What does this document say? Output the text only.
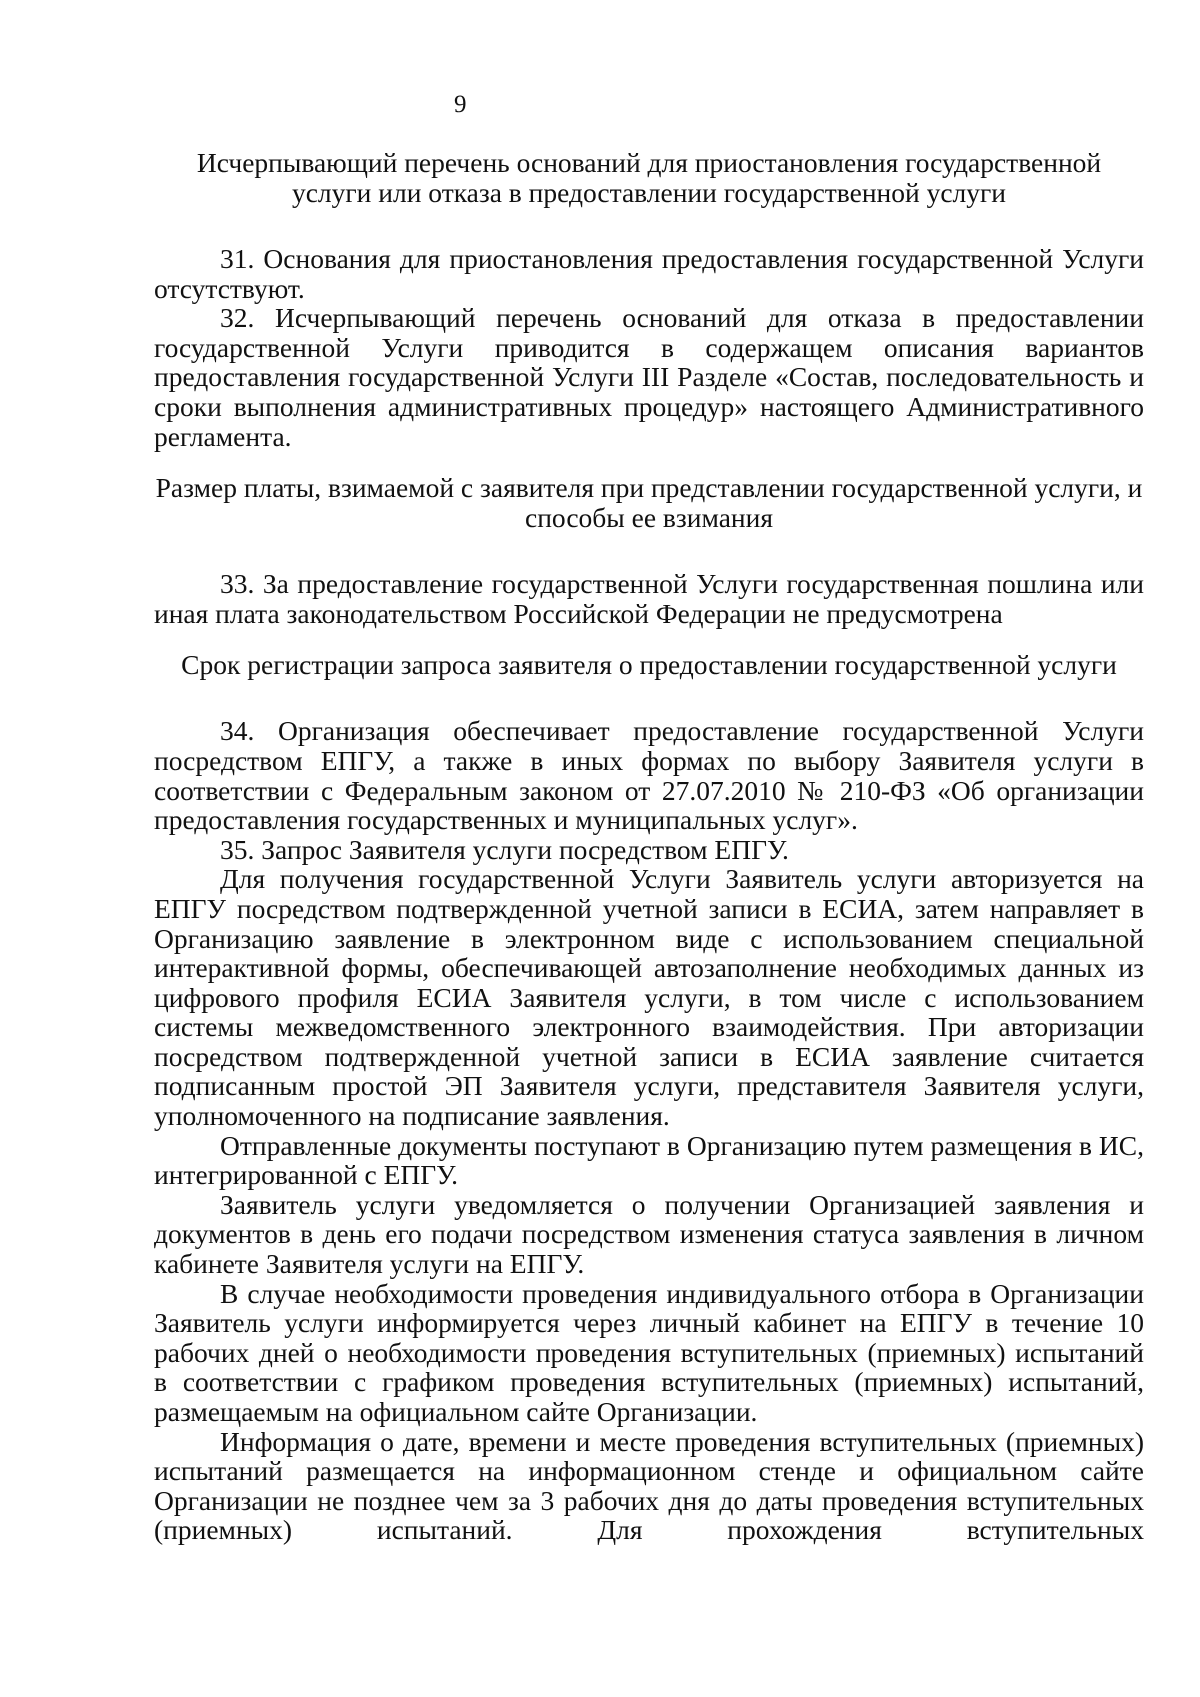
9
Исчерпывающий перечень оснований для приостановления государственной услуги или отказа в предоставлении государственной услуги

31. Основания для приостановления предоставления государственной Услуги отсутствуют.

32. Исчерпывающий перечень оснований для отказа в предоставлении государственной Услуги приводится в содержащем описания вариантов предоставления государственной Услуги III Разделе «Состав, последовательность и сроки выполнения административных процедур» настоящего Административного регламента.

Размер платы, взимаемой с заявителя при представлении государственной услуги, и способы ее взимания

33. За предоставление государственной Услуги государственная пошлина или иная плата законодательством Российской Федерации не предусмотрена

Срок регистрации запроса заявителя о предоставлении государственной услуги

34. Организация обеспечивает предоставление государственной Услуги посредством ЕПГУ, а также в иных формах по выбору Заявителя услуги в соответствии с Федеральным законом от 27.07.2010 № 210-ФЗ «Об организации предоставления государственных и муниципальных услуг».

35. Запрос Заявителя услуги посредством ЕПГУ.

Для получения государственной Услуги Заявитель услуги авторизуется на ЕПГУ посредством подтвержденной учетной записи в ЕСИА, затем направляет в Организацию заявление в электронном виде с использованием специальной интерактивной формы, обеспечивающей автозаполнение необходимых данных из цифрового профиля ЕСИА Заявителя услуги, в том числе с использованием системы межведомственного электронного взаимодействия. При авторизации посредством подтвержденной учетной записи в ЕСИА заявление считается подписанным простой ЭП Заявителя услуги, представителя Заявителя услуги, уполномоченного на подписание заявления.

Отправленные документы поступают в Организацию путем размещения в ИС, интегрированной с ЕПГУ.

Заявитель услуги уведомляется о получении Организацией заявления и документов в день его подачи посредством изменения статуса заявления в личном кабинете Заявителя услуги на ЕПГУ.

В случае необходимости проведения индивидуального отбора в Организации Заявитель услуги информируется через личный кабинет на ЕПГУ в течение 10 рабочих дней о необходимости проведения вступительных (приемных) испытаний в соответствии с графиком проведения вступительных (приемных) испытаний, размещаемым на официальном сайте Организации.

Информация о дате, времени и месте проведения вступительных (приемных) испытаний размещается на информационном стенде и официальном сайте Организации не позднее чем за 3 рабочих дня до даты проведения вступительных (приемных) испытаний. Для прохождения вступительных
